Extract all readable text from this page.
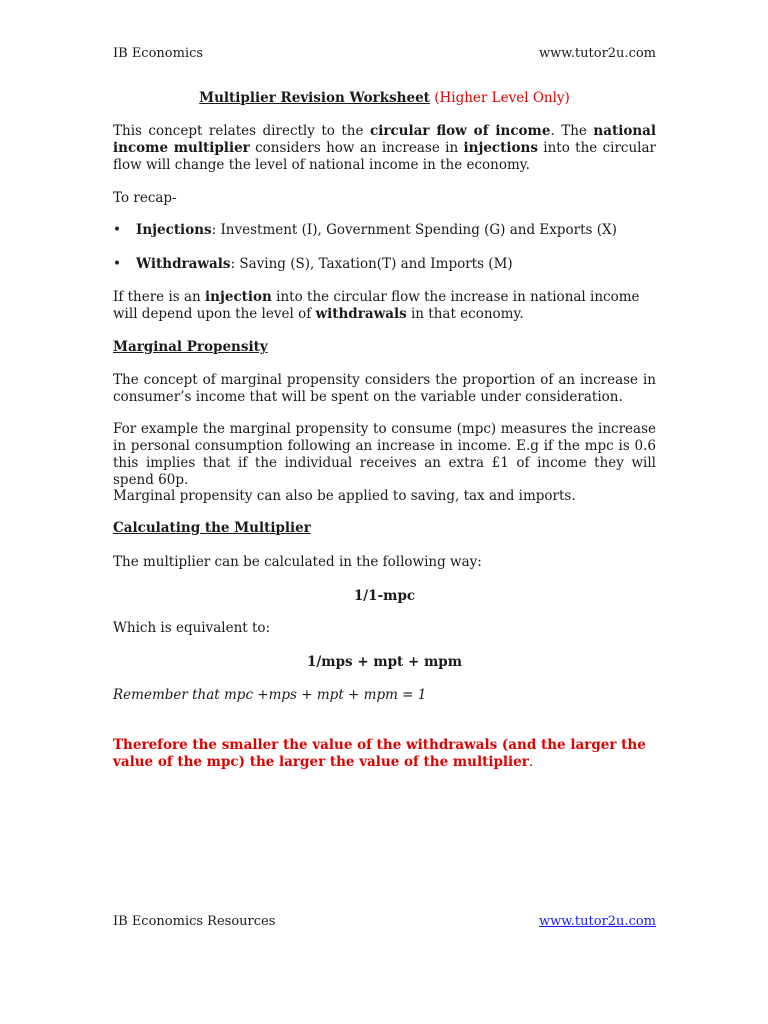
IB Economics	www.tutor2u.com
Multiplier Revision Worksheet (Higher Level Only)
This concept relates directly to the circular flow of income. The national income multiplier considers how an increase in injections into the circular flow will change the level of national income in the economy.
To recap-
• Injections: Investment (I), Government Spending (G) and Exports (X)
• Withdrawals: Saving (S), Taxation(T) and Imports (M)
If there is an injection into the circular flow the increase in national income will depend upon the level of withdrawals in that economy.
Marginal Propensity
The concept of marginal propensity considers the proportion of an increase in consumer’s income that will be spent on the variable under consideration.
For example the marginal propensity to consume (mpc) measures the increase in personal consumption following an increase in income. E.g if the mpc is 0.6 this implies that if the individual receives an extra £1 of income they will spend 60p.
Marginal propensity can also be applied to saving, tax and imports.
Calculating the Multiplier
The multiplier can be calculated in the following way:
1/1-mpc
Which is equivalent to:
1/mps + mpt + mpm
Remember that mpc +mps + mpt + mpm = 1
Therefore the smaller the value of the withdrawals (and the larger the value of the mpc) the larger the value of the multiplier.
IB Economics Resources	www.tutor2u.com
